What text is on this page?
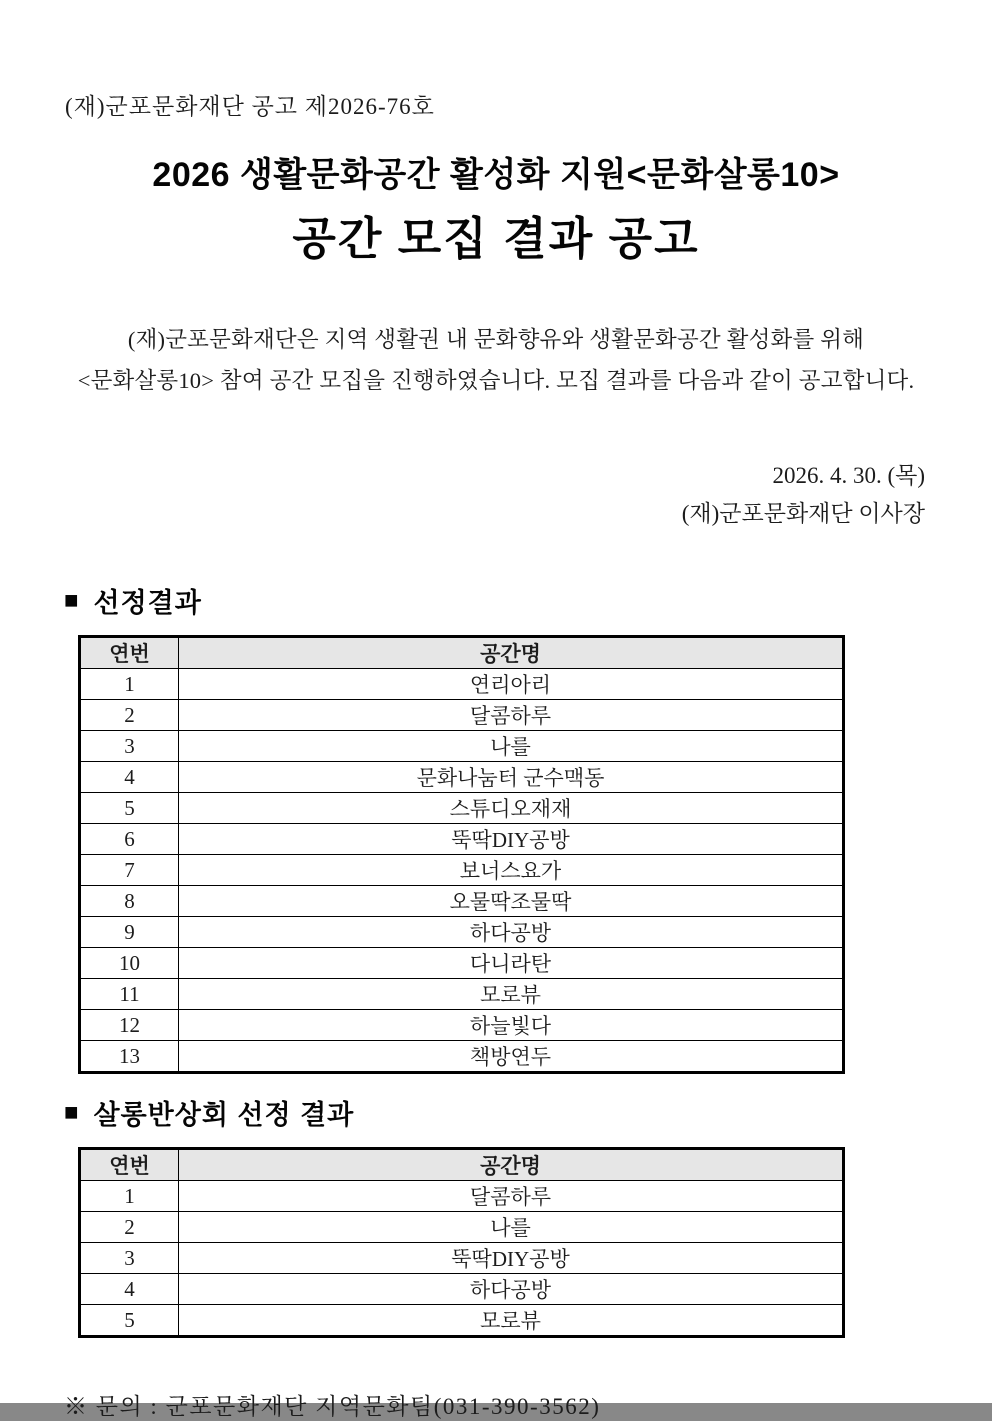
(재)군포문화재단 공고 제2026-76호
2026 생활문화공간 활성화 지원<문화살롱10>
공간 모집 결과 공고
(재)군포문화재단은 지역 생활권 내 문화향유와 생활문화공간 활성화를 위해
<문화살롱10> 참여 공간 모집을 진행하였습니다. 모집 결과를 다음과 같이 공고합니다.
2026. 4. 30. (목)
(재)군포문화재단 이사장
■ 선정결과
연번	공간명
1	연리아리
2	달콤하루
3	나를
4	문화나눔터 군수맥동
5	스튜디오재재
6	뚝딱DIY공방
7	보너스요가
8	오물딱조물딱
9	하다공방
10	다니라탄
11	모로뷰
12	하늘빛다
13	책방연두
■ 살롱반상회 선정 결과
연번	공간명
1	달콤하루
2	나를
3	뚝딱DIY공방
4	하다공방
5	모로뷰
※ 문의 : 군포문화재단 지역문화팀(031-390-3562)
